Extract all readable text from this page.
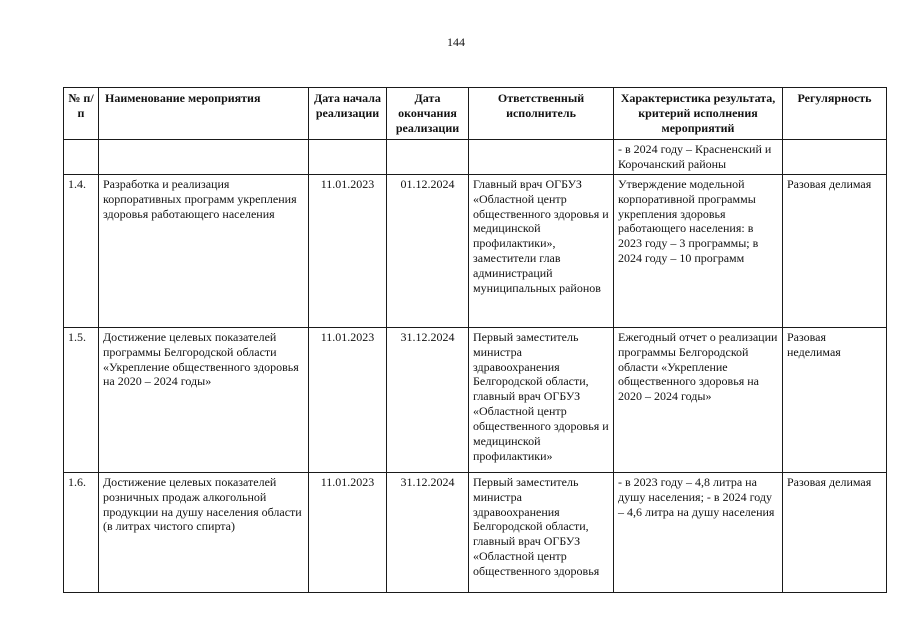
144
№ п/п	Наименование мероприятия	Дата начала реализации	Дата окончания реализации	Ответственный исполнитель	Характеристика результата, критерий исполнения мероприятий	Регулярность
					- в 2024 году – Красненский и Корочанский районы	
1.4.	Разработка и реализация корпоративных программ укрепления здоровья работающего населения	11.01.2023	01.12.2024	Главный врач ОГБУЗ «Областной центр общественного здоровья и медицинской профилактики», заместители глав администраций муниципальных районов	Утверждение модельной корпоративной программы укрепления здоровья работающего населения: в 2023 году – 3 программы; в 2024 году – 10 программ	Разовая делимая
1.5.	Достижение целевых показателей программы Белгородской области «Укрепление общественного здоровья на 2020 – 2024 годы»	11.01.2023	31.12.2024	Первый заместитель министра здравоохранения Белгородской области, главный врач ОГБУЗ «Областной центр общественного здоровья и медицинской профилактики»	Ежегодный отчет о реализации программы Белгородской области «Укрепление общественного здоровья на 2020 – 2024 годы»	Разовая неделимая
1.6.	Достижение целевых показателей розничных продаж алкогольной продукции на душу населения области (в литрах чистого спирта)	11.01.2023	31.12.2024	Первый заместитель министра здравоохранения Белгородской области, главный врач ОГБУЗ «Областной центр общественного здоровья	- в 2023 году – 4,8 литра на душу населения; - в 2024 году – 4,6 литра на душу населения	Разовая делимая
